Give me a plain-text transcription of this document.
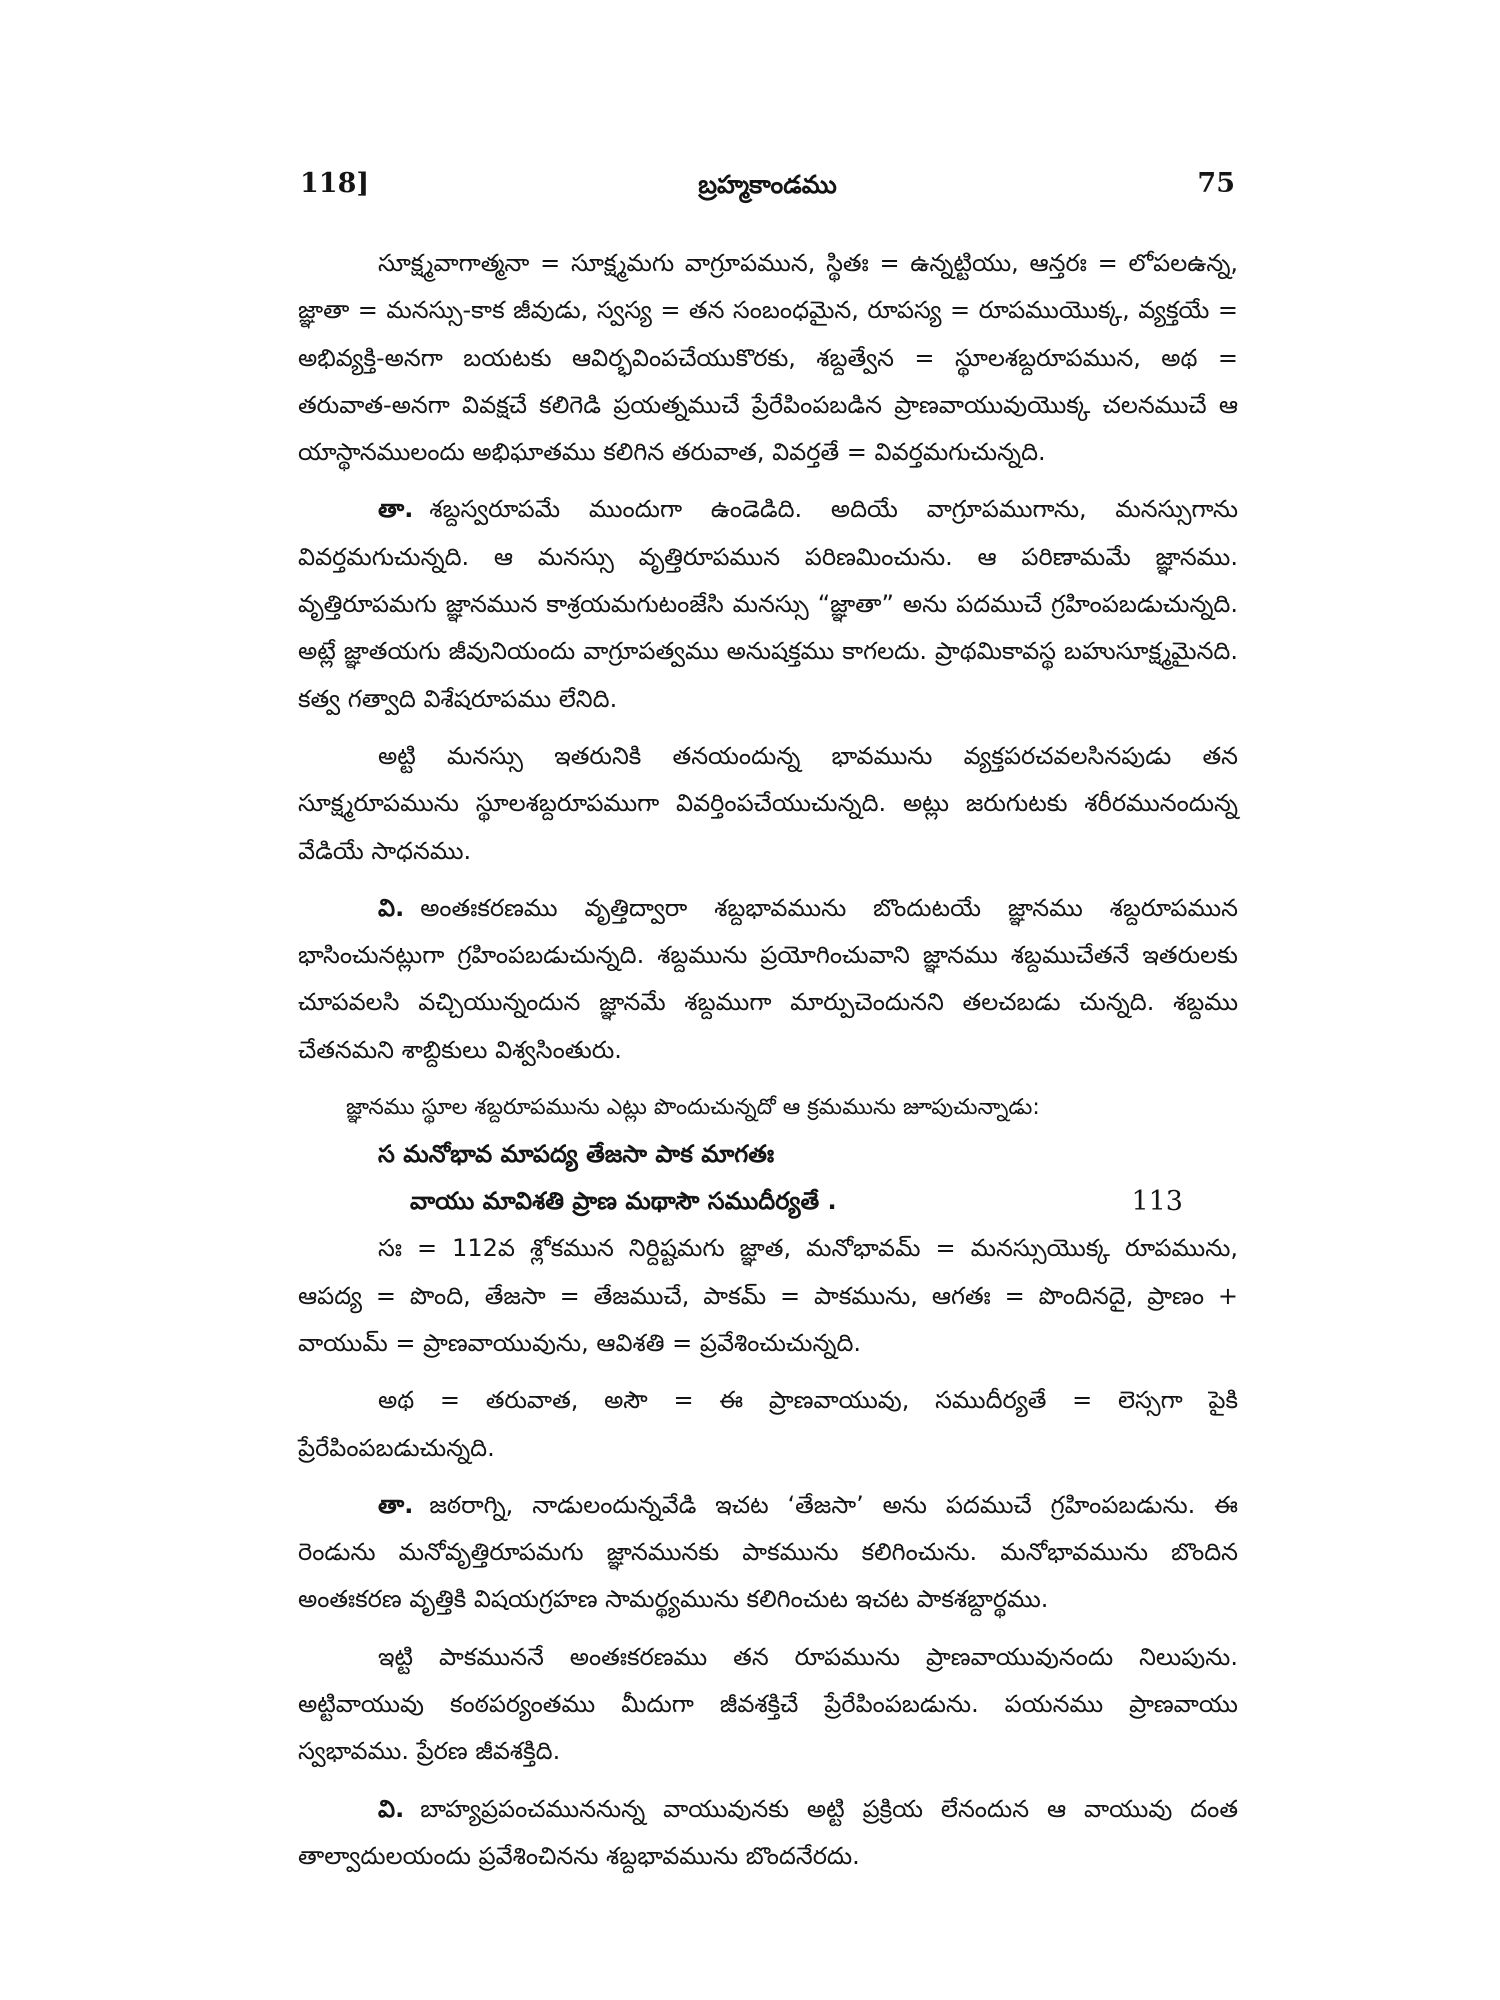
118]	బ్రహ్మకాండము	75

సూక్ష్మవాగాత్మనా = సూక్ష్మమగు వాగ్రూపమున, స్థితః = ఉన్నట్టియు, ఆన్తరః = లోపలఉన్న, జ్ఞాతా = మనస్సు-కాక జీవుడు, స్వస్య = తన సంబంధమైన, రూపస్య = రూపముయొక్క, వ్యక్తయే = అభివ్యక్తి-అనగా బయటకు ఆవిర్భవింపచేయుకొరకు, శబ్దత్వేన = స్థూలశబ్దరూపమున, అథ = తరువాత-అనగా వివక్షచే కలిగెడి ప్రయత్నముచే ప్రేరేపింపబడిన ప్రాణవాయువుయొక్క చలనముచే ఆ యాస్థానములందు అభిఘాతము కలిగిన తరువాత, వివర్తతే = వివర్తమగుచున్నది.

తా. శబ్దస్వరూపమే ముందుగా ఉండెడిది. అదియే వాగ్రూపముగాను, మనస్సుగాను వివర్తమగుచున్నది. ఆ మనస్సు వృత్తిరూపమున పరిణమించును. ఆ పరిణామమే జ్ఞానము. వృత్తిరూపమగు జ్ఞానమున కాశ్రయమగుటంజేసి మనస్సు “జ్ఞాతా” అను పదముచే గ్రహింపబడుచున్నది. అట్లే జ్ఞాతయగు జీవునియందు వాగ్రూపత్వము అనుషక్తము కాగలదు. ప్రాథమికావస్థ బహుసూక్ష్మమైనది. కత్వ గత్వాది విశేషరూపము లేనిది.

అట్టి మనస్సు ఇతరునికి తనయందున్న భావమును వ్యక్తపరచవలసినపుడు తన సూక్ష్మరూపమును స్థూలశబ్దరూపముగా వివర్తింపచేయుచున్నది. అట్లు జరుగుటకు శరీరమునందున్న వేడియే సాధనము.

వి. అంతఃకరణము వృత్తిద్వారా శబ్దభావమును బొందుటయే జ్ఞానము శబ్దరూపమున భాసించునట్లుగా గ్రహింపబడుచున్నది. శబ్దమును ప్రయోగించువాని జ్ఞానము శబ్దముచేతనే ఇతరులకు చూపవలసి వచ్చియున్నందున జ్ఞానమే శబ్దముగా మార్పుచెందునని తలచబడు చున్నది. శబ్దము చేతనమని శాబ్దికులు విశ్వసింతురు.

జ్ఞానము స్థూల శబ్దరూపమును ఎట్లు పొందుచున్నదో ఆ క్రమమును జూపుచున్నాడు:

స మనోభావ మాపద్య తేజసా పాక మాగతః
వాయు మావిశతి ప్రాణ మథాసౌ సముదీర్యతే .	113

సః = 112వ శ్లోకమున నిర్దిష్టమగు జ్ఞాత, మనోభావమ్ = మనస్సుయొక్క రూపమును, ఆపద్య = పొంది, తేజసా = తేజముచే, పాకమ్ = పాకమును, ఆగతః = పొందినదై, ప్రాణం + వాయుమ్ = ప్రాణవాయువును, ఆవిశతి = ప్రవేశించుచున్నది.

అథ = తరువాత, అసౌ = ఈ ప్రాణవాయువు, సముదీర్యతే = లెస్సగా పైకి ప్రేరేపింపబడుచున్నది.

తా. జఠరాగ్ని, నాడులందున్నవేడి ఇచట ‘తేజసా’ అను పదముచే గ్రహింపబడును. ఈ రెండును మనోవృత్తిరూపమగు జ్ఞానమునకు పాకమును కలిగించును. మనోభావమును బొందిన అంతఃకరణ వృత్తికి విషయగ్రహణ సామర్థ్యమును కలిగించుట ఇచట పాకశబ్దార్థము.

ఇట్టి పాకముననే అంతఃకరణము తన రూపమును ప్రాణవాయువునందు నిలుపును. అట్టివాయువు కంఠపర్యంతము మీదుగా జీవశక్తిచే ప్రేరేపింపబడును. పయనము ప్రాణవాయు స్వభావము. ప్రేరణ జీవశక్తిది.

వి. బాహ్యప్రపంచముననున్న వాయువునకు అట్టి ప్రక్రియ లేనందున ఆ వాయువు దంత తాల్వాదులయందు ప్రవేశించినను శబ్దభావమును బొందనేరదు.
